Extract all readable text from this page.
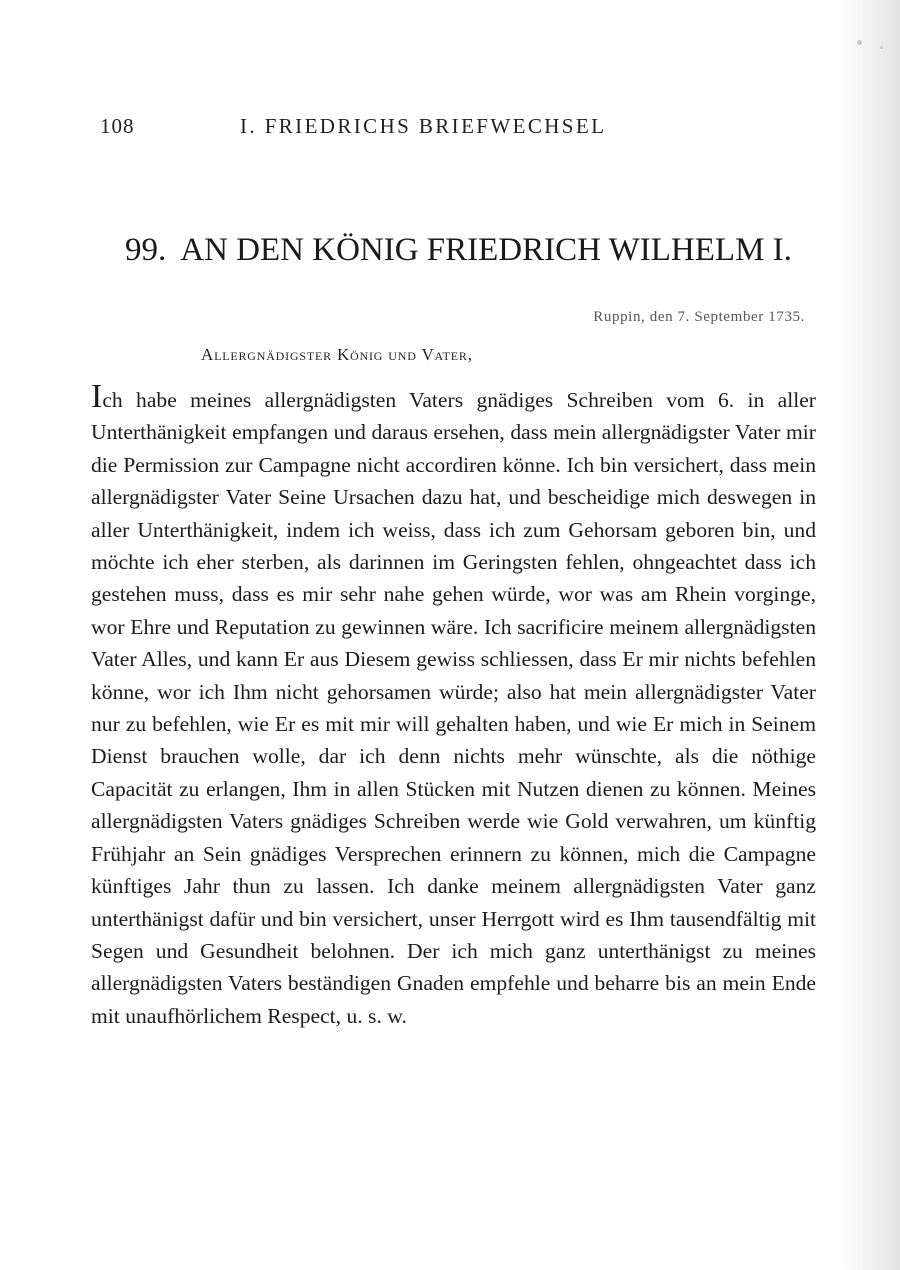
108	I. FRIEDRICHS BRIEFWECHSEL
99. AN DEN KÖNIG FRIEDRICH WILHELM I.
Ruppin, den 7. September 1735.
Allergnädigster König und Vater,

Ich habe meines allergnädigsten Vaters gnädiges Schreiben vom 6. in aller Unterthänigkeit empfangen und daraus ersehen, dass mein allergnädigster Vater mir die Permission zur Campagne nicht accordiren könne. Ich bin versichert, dass mein allergnädigster Vater Seine Ursachen dazu hat, und bescheidige mich deswegen in aller Unterthänigkeit, indem ich weiss, dass ich zum Gehorsam geboren bin, und möchte ich eher sterben, als darinnen im Geringsten fehlen, ohngeachtet dass ich gestehen muss, dass es mir sehr nahe gehen würde, wor was am Rhein vorginge, wor Ehre und Reputation zu gewinnen wäre. Ich sacrificire meinem allergnädigsten Vater Alles, und kann Er aus Diesem gewiss schliessen, dass Er mir nichts befehlen könne, wor ich Ihm nicht gehorsamen würde; also hat mein allergnädigster Vater nur zu befehlen, wie Er es mit mir will gehalten haben, und wie Er mich in Seinem Dienst brauchen wolle, dar ich denn nichts mehr wünschte, als die nöthige Capacität zu erlangen, Ihm in allen Stücken mit Nutzen dienen zu können. Meines allergnädigsten Vaters gnädiges Schreiben werde wie Gold verwahren, um künftig Frühjahr an Sein gnädiges Versprechen erinnern zu können, mich die Campagne künftiges Jahr thun zu lassen. Ich danke meinem allergnädigsten Vater ganz unterthänigst dafür und bin versichert, unser Herrgott wird es Ihm tausendfältig mit Segen und Gesundheit belohnen. Der ich mich ganz unterthänigst zu meines allergnädigsten Vaters beständigen Gnaden empfehle und beharre bis an mein Ende mit unaufhörlichem Respect, u. s. w.
